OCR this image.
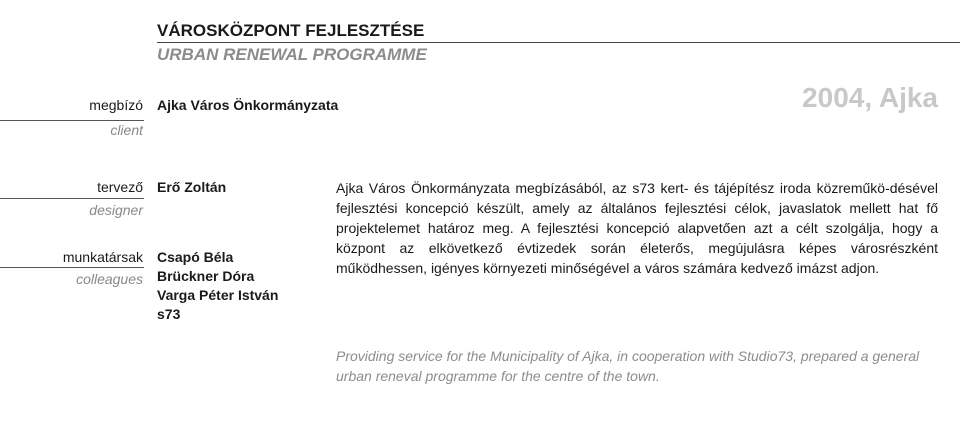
VÁROSKÖZPONT FEJLESZTÉSE
URBAN RENEWAL PROGRAMME
2004, Ajka
megbízó
client
Ajka Város Önkormányzata
tervező
designer
Erő Zoltán
munkatársak
colleagues
Csapó Béla
Brückner Dóra
Varga Péter István
s73
Ajka Város Önkormányzata megbízásából, az s73 kert- és tájépítész iroda közreműkö-désével fejlesztési koncepció készült, amely az általános fejlesztési célok, javaslatok mellett hat fő projektelemet határoz meg. A fejlesztési koncepció alapvetően azt a célt szolgálja, hogy a központ az elkövetkező évtizedek során életerős, megújulásra képes városrészként működhessen, igényes környezeti minőségével a város számára kedvező imázst adjon.
Providing service for the Municipality of Ajka, in cooperation with Studio73, prepared a general urban reneval programme for the centre of the town.
